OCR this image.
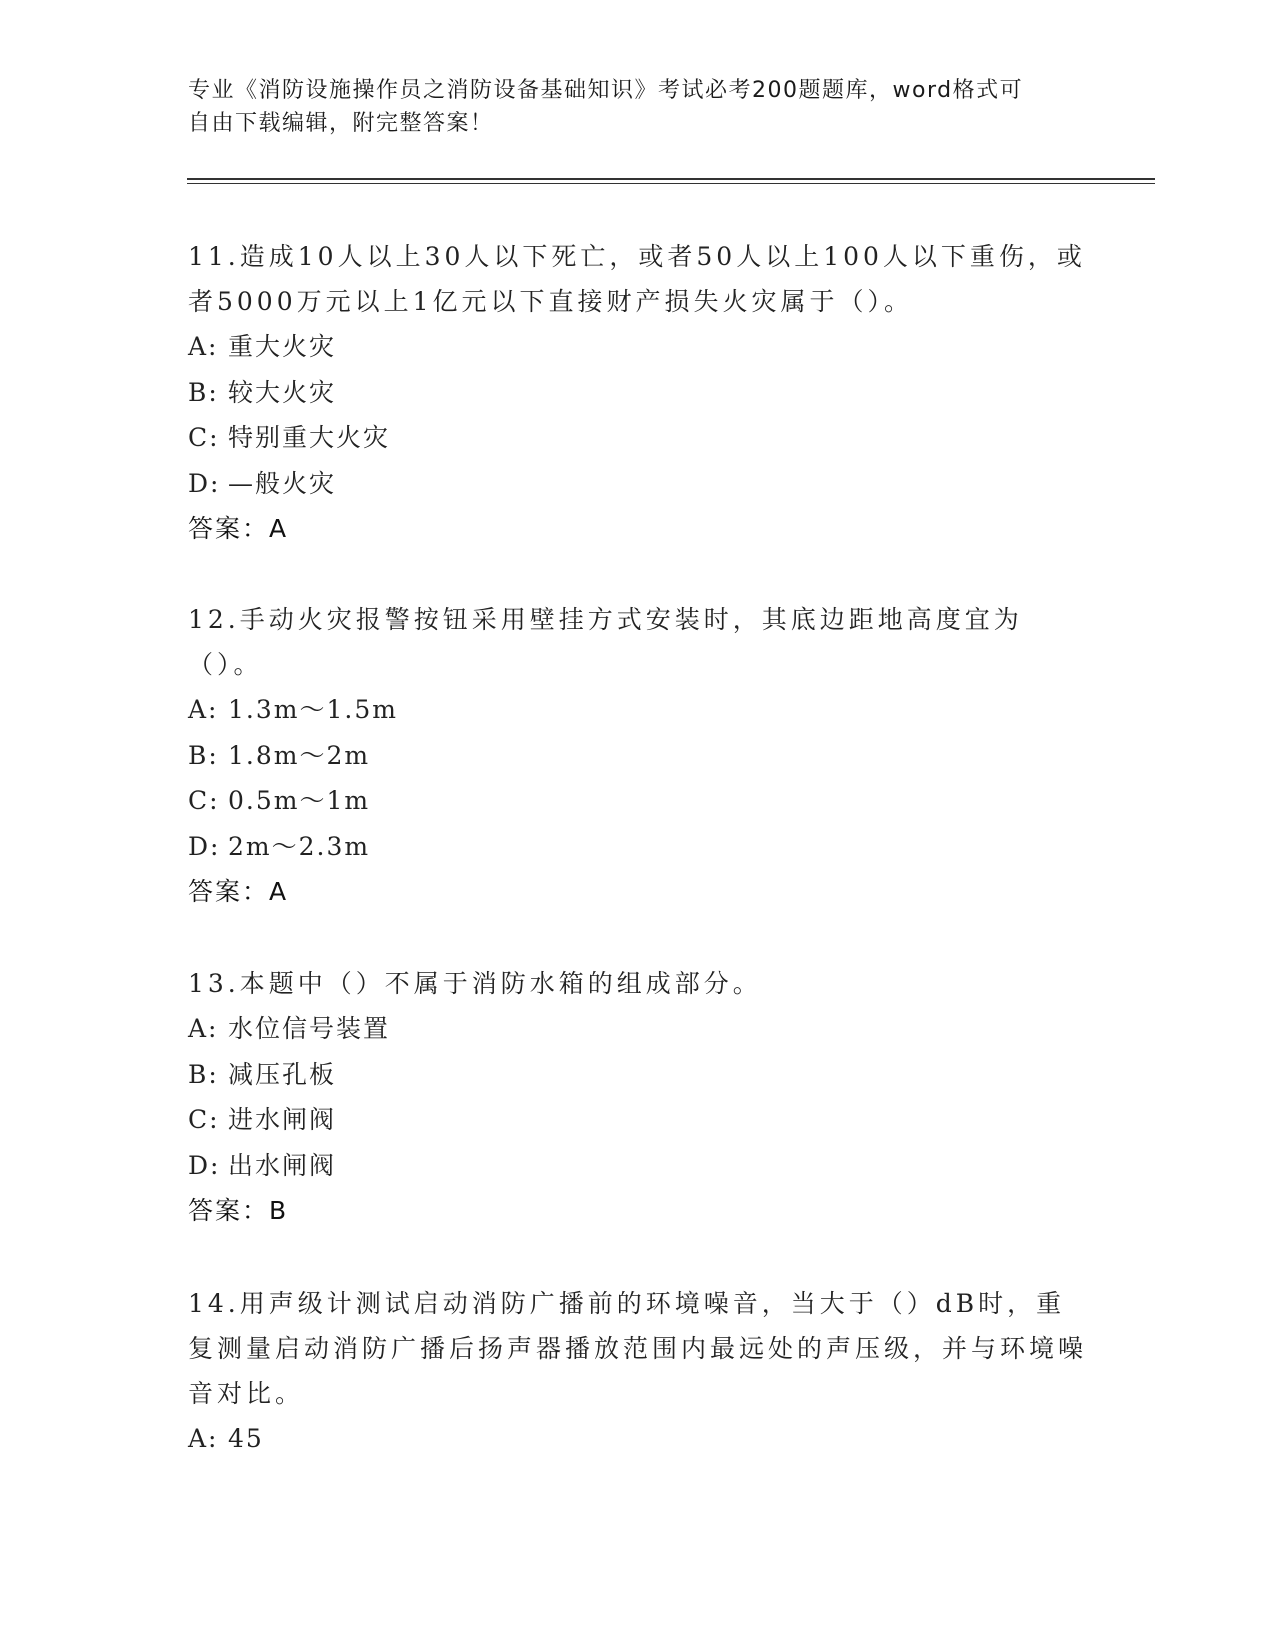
专业《消防设施操作员之消防设备基础知识》考试必考200题题库，word格式可
自由下载编辑，附完整答案！

11.造成10人以上30人以下死亡，或者50人以上100人以下重伤，或者5000万元以上1亿元以下直接财产损失火灾属于（）。

A: 重大火灾

B: 较大火灾

C: 特别重大火灾

D: —般火灾

答案：A

12.手动火灾报警按钮采用壁挂方式安装时，其底边距地高度宜为（）。

A: 1.3m～1.5m

B: 1.8m～2m

C: 0.5m～1m

D: 2m～2.3m

答案：A

13.本题中（）不属于消防水箱的组成部分。

A: 水位信号装置

B: 减压孔板

C: 进水闸阀

D: 出水闸阀

答案：B

14.用声级计测试启动消防广播前的环境噪音，当大于（）dB时，重复测量启动消防广播后扬声器播放范围内最远处的声压级，并与环境噪音对比。

A: 45
